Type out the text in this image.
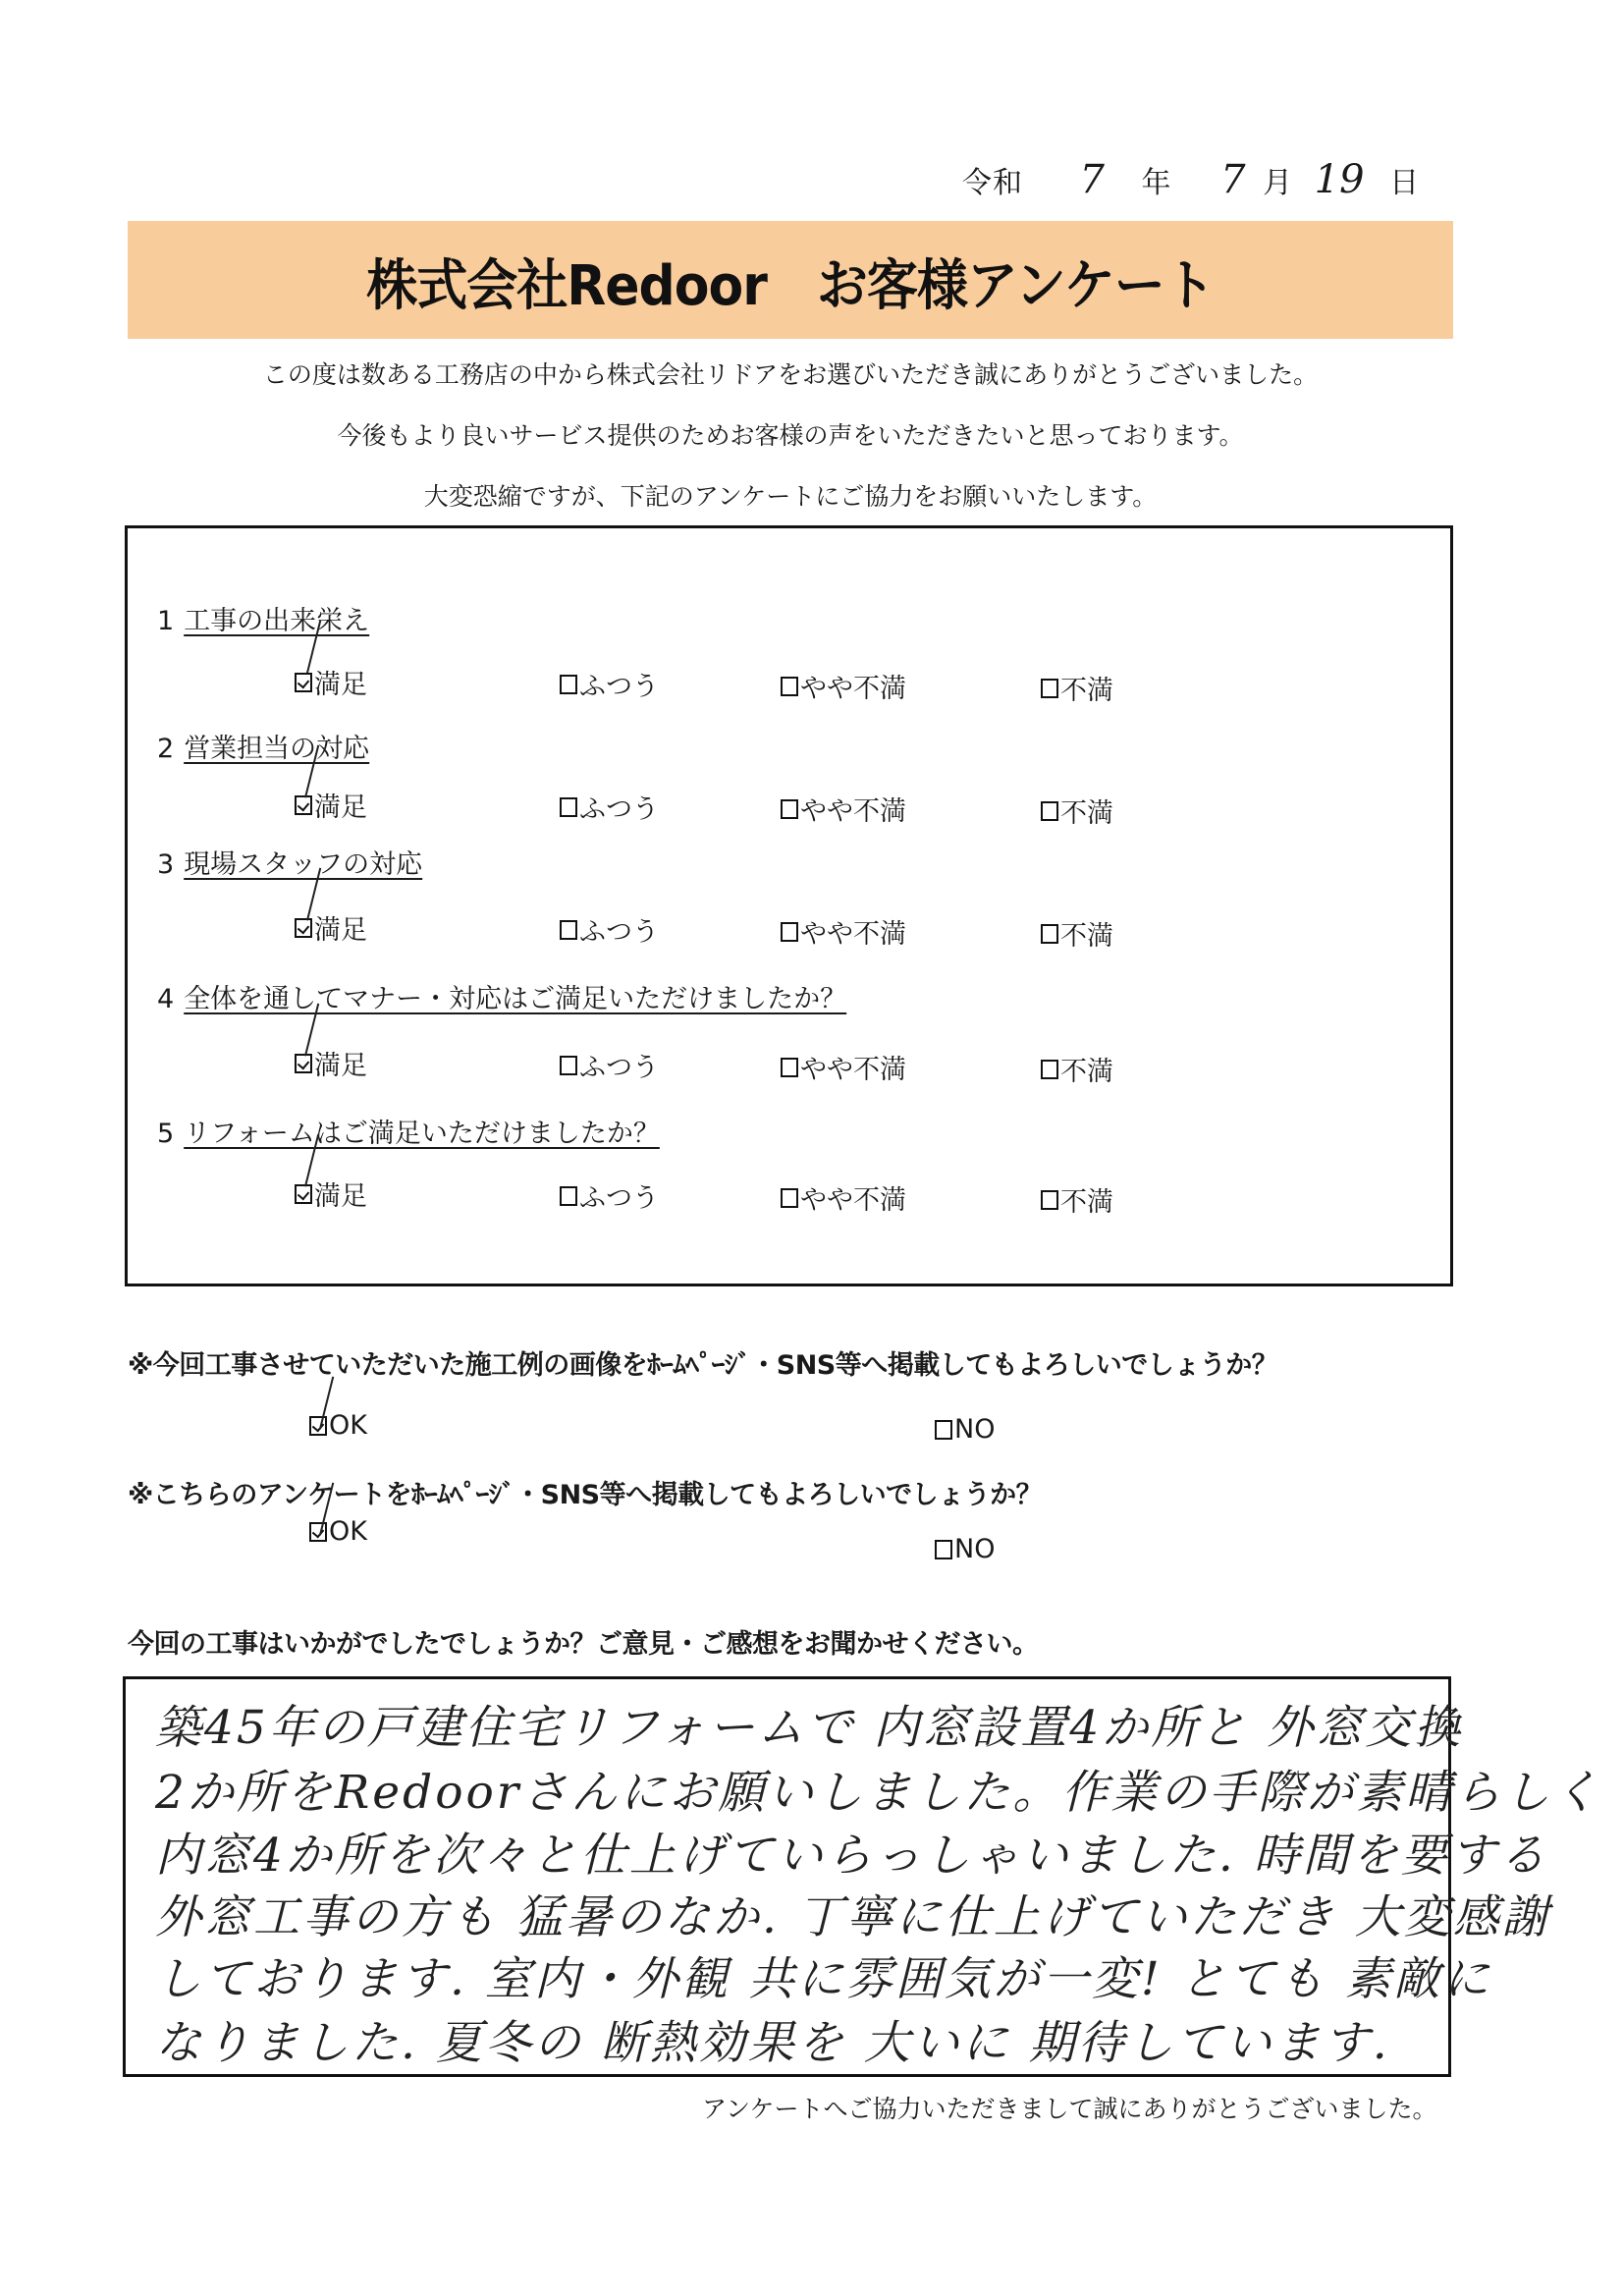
令和 7 年 7 月 19 日
株式会社Redoor　お客様アンケート
この度は数ある工務店の中から株式会社リドアをお選びいただき誠にありがとうございました。
今後もより良いサービス提供のためお客様の声をいただきたいと思っております。
大変恐縮ですが、下記のアンケートにご協力をお願いいたします。
1 工事の出来栄え
満足	ふつう	やや不満	不満
2 営業担当の対応
満足	ふつう	やや不満	不満
3 現場スタッフの対応
満足	ふつう	やや不満	不満
4 全体を通してマナー・対応はご満足いただけましたか？
満足	ふつう	やや不満	不満
5 リフォームはご満足いただけましたか？
満足	ふつう	やや不満	不満
※今回工事させていただいた施工例の画像をﾎｰﾑﾍﾟｰｼﾞ・SNS等へ掲載してもよろしいでしょうか？
OK	NO
※こちらのアンケートをﾎｰﾑﾍﾟｰｼﾞ・SNS等へ掲載してもよろしいでしょうか？
OK
NO
今回の工事はいかがでしたでしょうか？ご意見・ご感想をお聞かせください。
築45年の戸建住宅リフォームで 内窓設置4か所と 外窓交換
2か所をRedoorさんにお願いしました。作業の手際が素晴らしく
内窓4か所を次々と仕上げていらっしゃいました. 時間を要する
外窓工事の方も 猛暑のなか. 丁寧に仕上げていただき 大変感謝
しております. 室内・外観 共に雰囲気が一変! とても 素敵に
なりました. 夏冬の 断熱効果を 大いに 期待しています.
アンケートへご協力いただきまして誠にありがとうございました。
